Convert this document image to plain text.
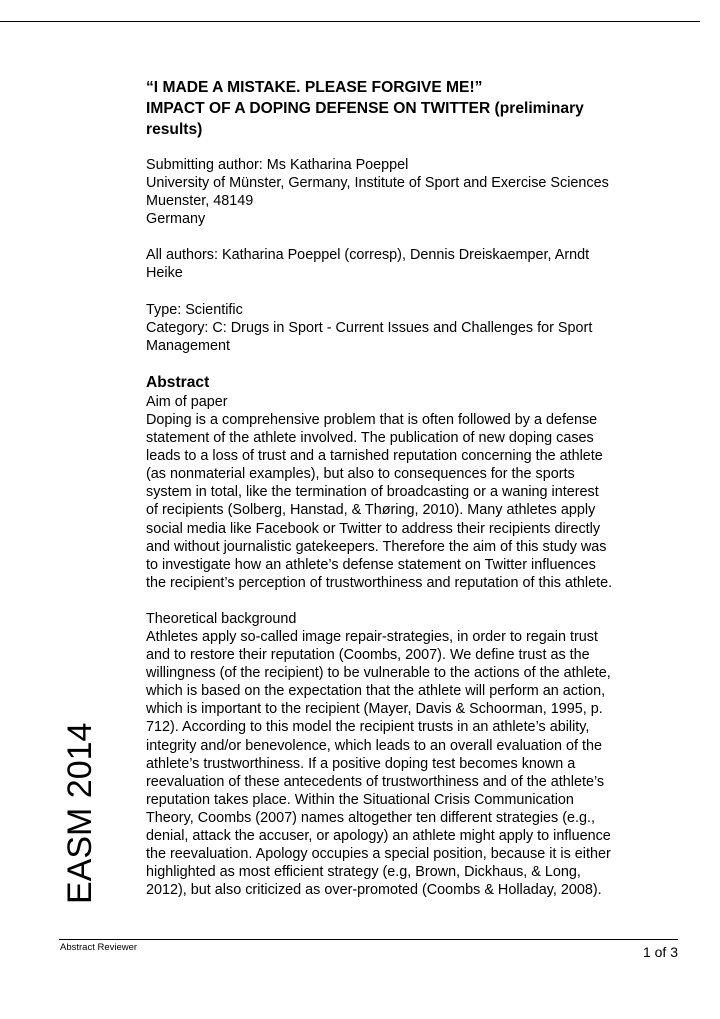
EASM 2014
“I MADE A MISTAKE. PLEASE FORGIVE ME!”
IMPACT OF A DOPING DEFENSE ON TWITTER (preliminary
results)
Submitting author: Ms Katharina Poeppel
University of Münster, Germany, Institute of Sport and Exercise Sciences
Muenster, 48149
Germany
All authors: Katharina Poeppel (corresp), Dennis Dreiskaemper, Arndt
Heike
Type: Scientific
Category: C: Drugs in Sport - Current Issues and Challenges for Sport
Management
Abstract
Aim of paper
Doping is a comprehensive problem that is often followed by a defense
statement of the athlete involved. The publication of new doping cases
leads to a loss of trust and a tarnished reputation concerning the athlete
(as nonmaterial examples), but also to consequences for the sports
system in total, like the termination of broadcasting or a waning interest
of recipients (Solberg, Hanstad, & Thøring, 2010). Many athletes apply
social media like Facebook or Twitter to address their recipients directly
and without journalistic gatekeepers. Therefore the aim of this study was
to investigate how an athlete’s defense statement on Twitter influences
the recipient’s perception of trustworthiness and reputation of this athlete.
Theoretical background
Athletes apply so-called image repair-strategies, in order to regain trust
and to restore their reputation (Coombs, 2007). We define trust as the
willingness (of the recipient) to be vulnerable to the actions of the athlete,
which is based on the expectation that the athlete will perform an action,
which is important to the recipient (Mayer, Davis & Schoorman, 1995, p.
712). According to this model the recipient trusts in an athlete’s ability,
integrity and/or benevolence, which leads to an overall evaluation of the
athlete’s trustworthiness. If a positive doping test becomes known a
reevaluation of these antecedents of trustworthiness and of the athlete’s
reputation takes place. Within the Situational Crisis Communication
Theory, Coombs (2007) names altogether ten different strategies (e.g.,
denial, attack the accuser, or apology) an athlete might apply to influence
the reevaluation. Apology occupies a special position, because it is either
highlighted as most efficient strategy (e.g, Brown, Dickhaus, & Long,
2012), but also criticized as over-promoted (Coombs & Holladay, 2008).
Abstract Reviewer	1 of 3
